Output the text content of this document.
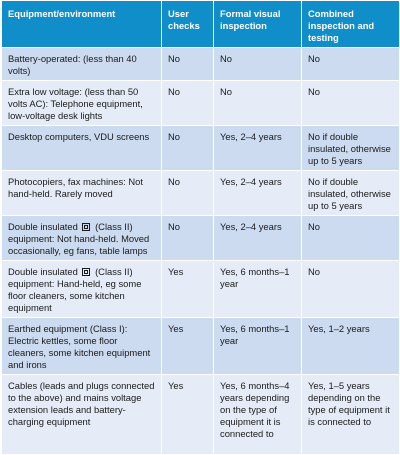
Equipment/environment	User checks	Formal visual inspection	Combined inspection and testing
Battery-operated: (less than 40 volts)	No	No	No
Extra low voltage: (less than 50 volts AC): Telephone equipment, low-voltage desk lights	No	No	No
Desktop computers, VDU screens	No	Yes, 2–4 years	No if double insulated, otherwise up to 5 years
Photocopiers, fax machines: Not hand-held. Rarely moved	No	Yes, 2–4 years	No if double insulated, otherwise up to 5 years
Double insulated (Class II) equipment: Not hand-held. Moved occasionally, eg fans, table lamps	No	Yes, 2–4 years	No
Double insulated (Class II) equipment: Hand-held, eg some floor cleaners, some kitchen equipment	Yes	Yes, 6 months–1 year	No
Earthed equipment (Class I): Electric kettles, some floor cleaners, some kitchen equipment and irons	Yes	Yes, 6 months–1 year	Yes, 1–2 years
Cables (leads and plugs connected to the above) and mains voltage extension leads and battery-charging equipment	Yes	Yes, 6 months–4 years depending on the type of equipment it is connected to	Yes, 1–5 years depending on the type of equipment it is connected to
